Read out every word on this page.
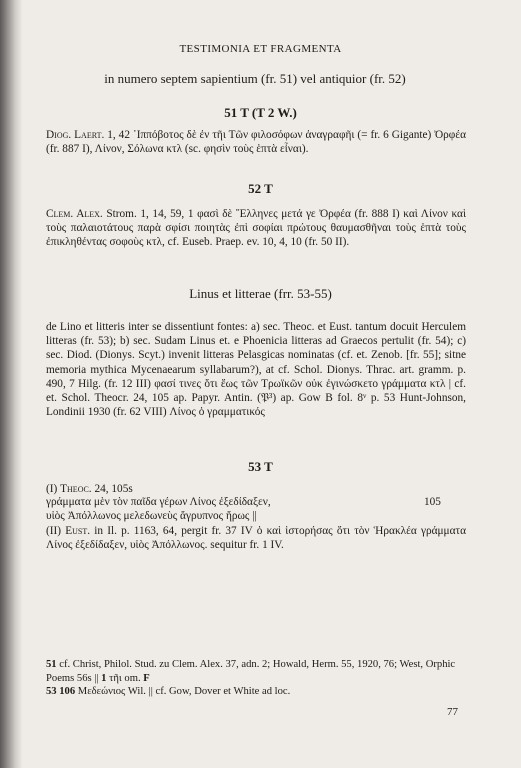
TESTIMONIA ET FRAGMENTA
in numero septem sapientium (fr. 51) vel antiquior (fr. 52)
51 T (T 2 W.)
Diog. Laert. 1, 42 ῾Ιππόβοτος δὲ ἐν τῆι Τῶν φιλοσόφων ἀναγραφῆι (= fr. 6 Gigante) Ὀρφέα (fr. 887 I), Λίνον, Σόλωνα κτλ (sc. φησὶν τοὺς ἑπτὰ εἶναι).
52 T
Clem. Alex. Strom. 1, 14, 59, 1 φασὶ δὲ ῞Ελληνες μετά γε Ὀρφέα (fr. 888 I) καὶ Λίνον καὶ τοὺς παλαιοτάτους παρὰ σφίσι ποιητὰς ἐπὶ σοφίαι πρώτους θαυμασθῆναι τοὺς ἑπτὰ τοὺς ἐπικληθέντας σοφοὺς κτλ, cf. Euseb. Praep. ev. 10, 4, 10 (fr. 50 II).
Linus et litterae (frr. 53-55)
de Lino et litteris inter se dissentiunt fontes: a) sec. Theoc. et Eust. tantum docuit Herculem litteras (fr. 53); b) sec. Sudam Linus et. e Phoenicia litteras ad Graecos pertulit (fr. 54); c) sec. Diod. (Dionys. Scyt.) invenit litteras Pelasgicas nominatas (cf. et. Zenob. [fr. 55]; sitne memoria mythica Mycenaearum syllabarum?), at cf. Schol. Dionys. Thrac. art. gramm. p. 490, 7 Hilg. (fr. 12 III) φασί τινες ὅτι ἕως τῶν Τρωϊκῶν οὐκ ἐγινώσκετο γράμματα κτλ | cf. et. Schol. Theocr. 24, 105 ap. Papyr. Antin. (𝔓³) ap. Gow B fol. 8ᵛ p. 53 Hunt-Johnson, Londinii 1930 (fr. 62 VIII) Λίνος ὁ γραμματικός
53 T
(I) Theoc. 24, 105s
γράμματα μὲν τὸν παῖδα γέρων Λίνος ἐξεδίδαξεν,	105
υἱὸς Ἀπόλλωνος μελεδωνεὺς ἄγρυπνος ἥρως ||
(II) Eust. in Il. p. 1163, 64, pergit fr. 37 IV ὁ καὶ ἱστορήσας ὅτι τὸν Ἡρακλέα γράμματα Λίνος ἐξεδίδαξεν, υἱὸς Ἀπόλλωνος. sequitur fr. 1 IV.
51 cf. Christ, Philol. Stud. zu Clem. Alex. 37, adn. 2; Howald, Herm. 55, 1920, 76; West, Orphic Poems 56s || 1 τῆι om. F
53 106 Μεδεώνιος Wil. || cf. Gow, Dover et White ad loc.
77
